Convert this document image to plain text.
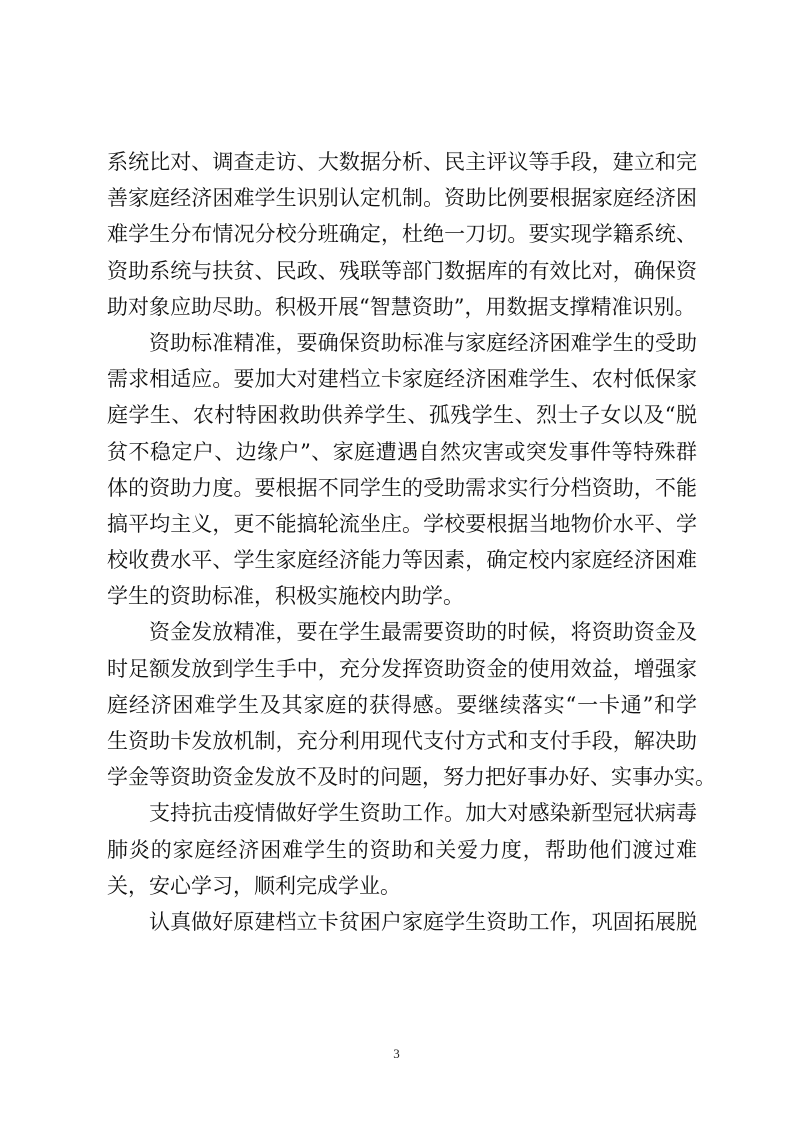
系统比对、调查走访、大数据分析、民主评议等手段，建立和完
善家庭经济困难学生识别认定机制。资助比例要根据家庭经济困
难学生分布情况分校分班确定，杜绝一刀切。要实现学籍系统、
资助系统与扶贫、民政、残联等部门数据库的有效比对，确保资
助对象应助尽助。积极开展“智慧资助”，用数据支撑精准识别。
资助标准精准，要确保资助标准与家庭经济困难学生的受助
需求相适应。要加大对建档立卡家庭经济困难学生、农村低保家
庭学生、农村特困救助供养学生、孤残学生、烈士子女以及“脱
贫不稳定户、边缘户”、家庭遭遇自然灾害或突发事件等特殊群
体的资助力度。要根据不同学生的受助需求实行分档资助，不能
搞平均主义，更不能搞轮流坐庄。学校要根据当地物价水平、学
校收费水平、学生家庭经济能力等因素，确定校内家庭经济困难
学生的资助标准，积极实施校内助学。
资金发放精准，要在学生最需要资助的时候，将资助资金及
时足额发放到学生手中，充分发挥资助资金的使用效益，增强家
庭经济困难学生及其家庭的获得感。要继续落实“一卡通”和学
生资助卡发放机制，充分利用现代支付方式和支付手段，解决助
学金等资助资金发放不及时的问题，努力把好事办好、实事办实。
支持抗击疫情做好学生资助工作。加大对感染新型冠状病毒
肺炎的家庭经济困难学生的资助和关爱力度，帮助他们渡过难
关，安心学习，顺利完成学业。
认真做好原建档立卡贫困户家庭学生资助工作，巩固拓展脱
3
